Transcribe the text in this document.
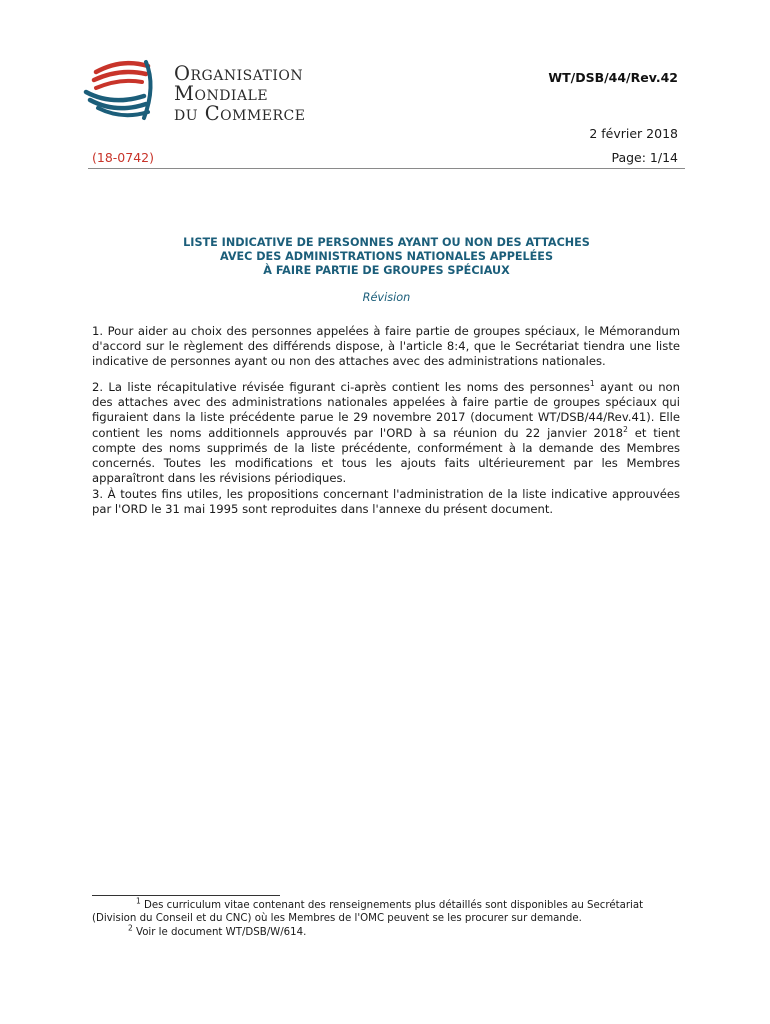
Organisation
Mondiale
du Commerce
WT/DSB/44/Rev.42
2 février 2018
(18-0742)	Page: 1/14
LISTE INDICATIVE DE PERSONNES AYANT OU NON DES ATTACHES
AVEC DES ADMINISTRATIONS NATIONALES APPELÉES
À FAIRE PARTIE DE GROUPES SPÉCIAUX
Révision
1. Pour aider au choix des personnes appelées à faire partie de groupes spéciaux, le Mémorandum d'accord sur le règlement des différends dispose, à l'article 8:4, que le Secrétariat tiendra une liste indicative de personnes ayant ou non des attaches avec des administrations nationales.
2. La liste récapitulative révisée figurant ci-après contient les noms des personnes$^1$ ayant ou non des attaches avec des administrations nationales appelées à faire partie de groupes spéciaux qui figuraient dans la liste précédente parue le 29 novembre 2017 (document WT/DSB/44/Rev.41). Elle contient les noms additionnels approuvés par l'ORD à sa réunion du 22 janvier 2018$^2$ et tient compte des noms supprimés de la liste précédente, conformément à la demande des Membres concernés. Toutes les modifications et tous les ajouts faits ultérieurement par les Membres apparaîtront dans les révisions périodiques.
3. À toutes fins utiles, les propositions concernant l'administration de la liste indicative approuvées par l'ORD le 31 mai 1995 sont reproduites dans l'annexe du présent document.
$^1$ Des curriculum vitae contenant des renseignements plus détaillés sont disponibles au Secrétariat (Division du Conseil et du CNC) où les Membres de l'OMC peuvent se les procurer sur demande.
$^2$ Voir le document WT/DSB/W/614.
